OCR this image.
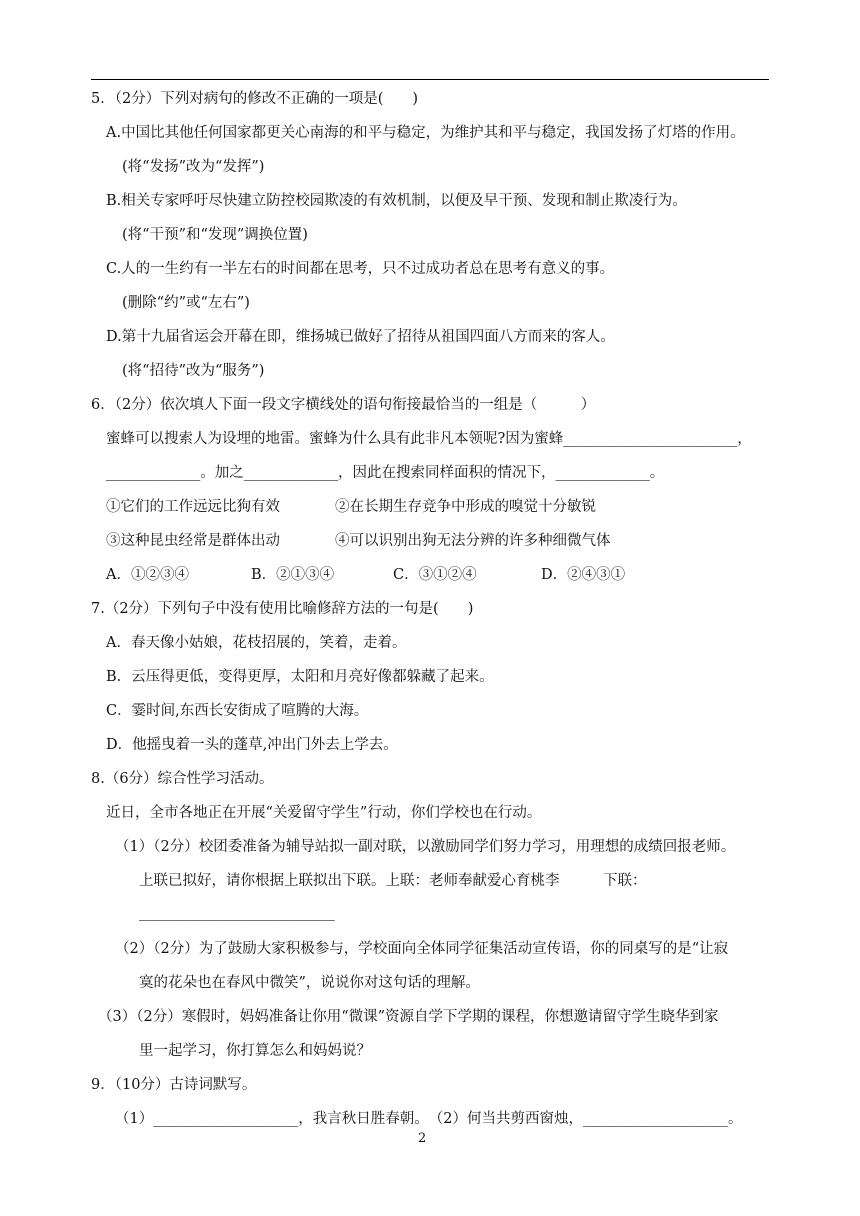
5．（2分）下列对病句的修改不正确的一项是(　　)
A.中国比其他任何国家都更关心南海的和平与稳定，为维护其和平与稳定，我国发扬了灯塔的作用。
(将“发扬”改为“发挥”)
B.相关专家呼吁尽快建立防控校园欺凌的有效机制，以便及早干预、发现和制止欺凌行为。
(将“干预”和“发现”调换位置)
C.人的一生约有一半左右的时间都在思考，只不过成功者总在思考有意义的事。
(删除“约”或“左右”)
D.第十九届省运会开幕在即，维扬城已做好了招待从祖国四面八方而来的客人。
(将“招待”改为“服务”)
6．（2分）依次填人下面一段文字横线处的语句衔接最恰当的一组是（　　　）
蜜蜂可以搜索人为设埋的地雷。蜜蜂为什么具有此非凡本领呢?因为蜜蜂________________________，
_____________。加之_____________，因此在搜索同样面积的情况下，_____________。
①它们的工作远远比狗有效	②在长期生存竞争中形成的嗅觉十分敏锐
③这种昆虫经常是群体出动	④可以识别出狗无法分辨的许多种细微气体
A．①②③④	B．②①③④	C．③①②④	D．②④③①
7.（2分）下列句子中没有使用比喻修辞方法的一句是(　　)
A．春天像小姑娘，花枝招展的，笑着，走着。
B．云压得更低，变得更厚，太阳和月亮好像都躲藏了起来。
C．霎时间,东西长安街成了喧腾的大海。
D．他摇曳着一头的蓬草,冲出门外去上学去。
8.（6分）综合性学习活动。
近日，全市各地正在开展“关爱留守学生”行动，你们学校也在行动。
（1）（2分）校团委准备为辅导站拟一副对联，以激励同学们努力学习，用理想的成绩回报老师。
上联已拟好，请你根据上联拟出下联。上联：老师奉献爱心育桃李　　　下联：
___________________________
（2）（2分）为了鼓励大家积极参与，学校面向全体同学征集活动宣传语，你的同桌写的是“让寂
寞的花朵也在春风中微笑”，说说你对这句话的理解。
（3）（2分）寒假时，妈妈准备让你用“微课”资源自学下学期的课程，你想邀请留守学生晓华到家
里一起学习，你打算怎么和妈妈说？
9．（10分）古诗词默写。
（1）____________________，我言秋日胜春朝。　（2）何当共剪西窗烛，____________________。
2
